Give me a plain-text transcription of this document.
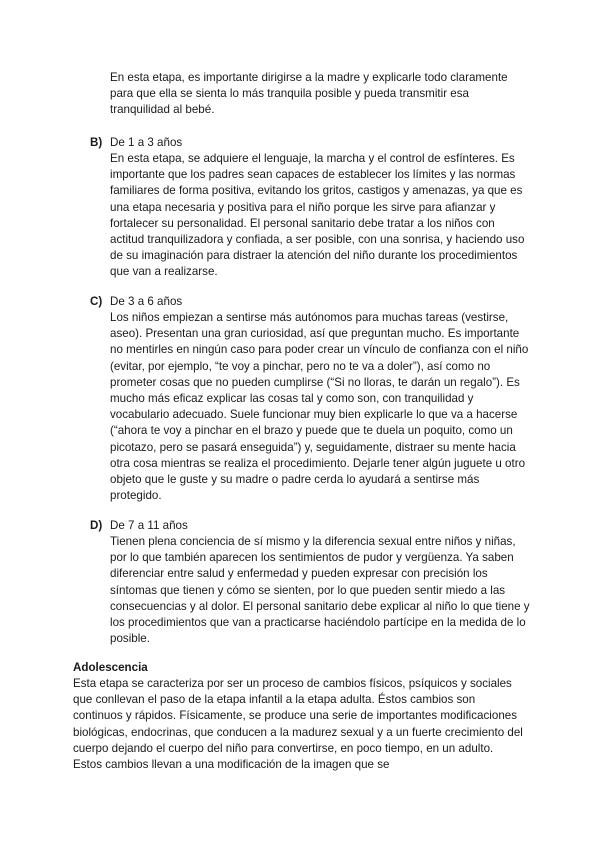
En esta etapa, es importante dirigirse a la madre y explicarle todo claramente para que ella se sienta lo más tranquila posible y pueda transmitir esa tranquilidad al bebé.

B) De 1 a 3 años

En esta etapa, se adquiere el lenguaje, la marcha y el control de esfínteres. Es importante que los padres sean capaces de establecer los límites y las normas familiares de forma positiva, evitando los gritos, castigos y amenazas, ya que es una etapa necesaria y positiva para el niño porque les sirve para afianzar y fortalecer su personalidad. El personal sanitario debe tratar a los niños con actitud tranquilizadora y confiada, a ser posible, con una sonrisa, y haciendo uso de su imaginación para distraer la atención del niño durante los procedimientos que van a realizarse.

C) De 3 a 6 años

Los niños empiezan a sentirse más autónomos para muchas tareas (vestirse, aseo). Presentan una gran curiosidad, así que preguntan mucho. Es importante no mentirles en ningún caso para poder crear un vínculo de confianza con el niño (evitar, por ejemplo, “te voy a pinchar, pero no te va a doler”), así como no prometer cosas que no pueden cumplirse (“Si no lloras, te darán un regalo”). Es mucho más eficaz explicar las cosas tal y como son, con tranquilidad y vocabulario adecuado. Suele funcionar muy bien explicarle lo que va a hacerse (“ahora te voy a pinchar en el brazo y puede que te duela un poquito, como un picotazo, pero se pasará enseguida”) y, seguidamente, distraer su mente hacia otra cosa mientras se realiza el procedimiento. Dejarle tener algún juguete u otro objeto que le guste y su madre o padre cerda lo ayudará a sentirse más protegido.

D) De 7 a 11 años

Tienen plena conciencia de sí mismo y la diferencia sexual entre niños y niñas, por lo que también aparecen los sentimientos de pudor y vergüenza. Ya saben diferenciar entre salud y enfermedad y pueden expresar con precisión los síntomas que tienen y cómo se sienten, por lo que pueden sentir miedo a las consecuencias y al dolor. El personal sanitario debe explicar al niño lo que tiene y los procedimientos que van a practicarse haciéndolo partícipe en la medida de lo posible.

Adolescencia

Esta etapa se caracteriza por ser un proceso de cambios físicos, psíquicos y sociales que conllevan el paso de la etapa infantil a la etapa adulta. Éstos cambios son continuos y rápidos. Físicamente, se produce una serie de importantes modificaciones biológicas, endocrinas, que conducen a la madurez sexual y a un fuerte crecimiento del cuerpo dejando el cuerpo del niño para convertirse, en poco tiempo, en un adulto. Estos cambios llevan a una modificación de la imagen que se
